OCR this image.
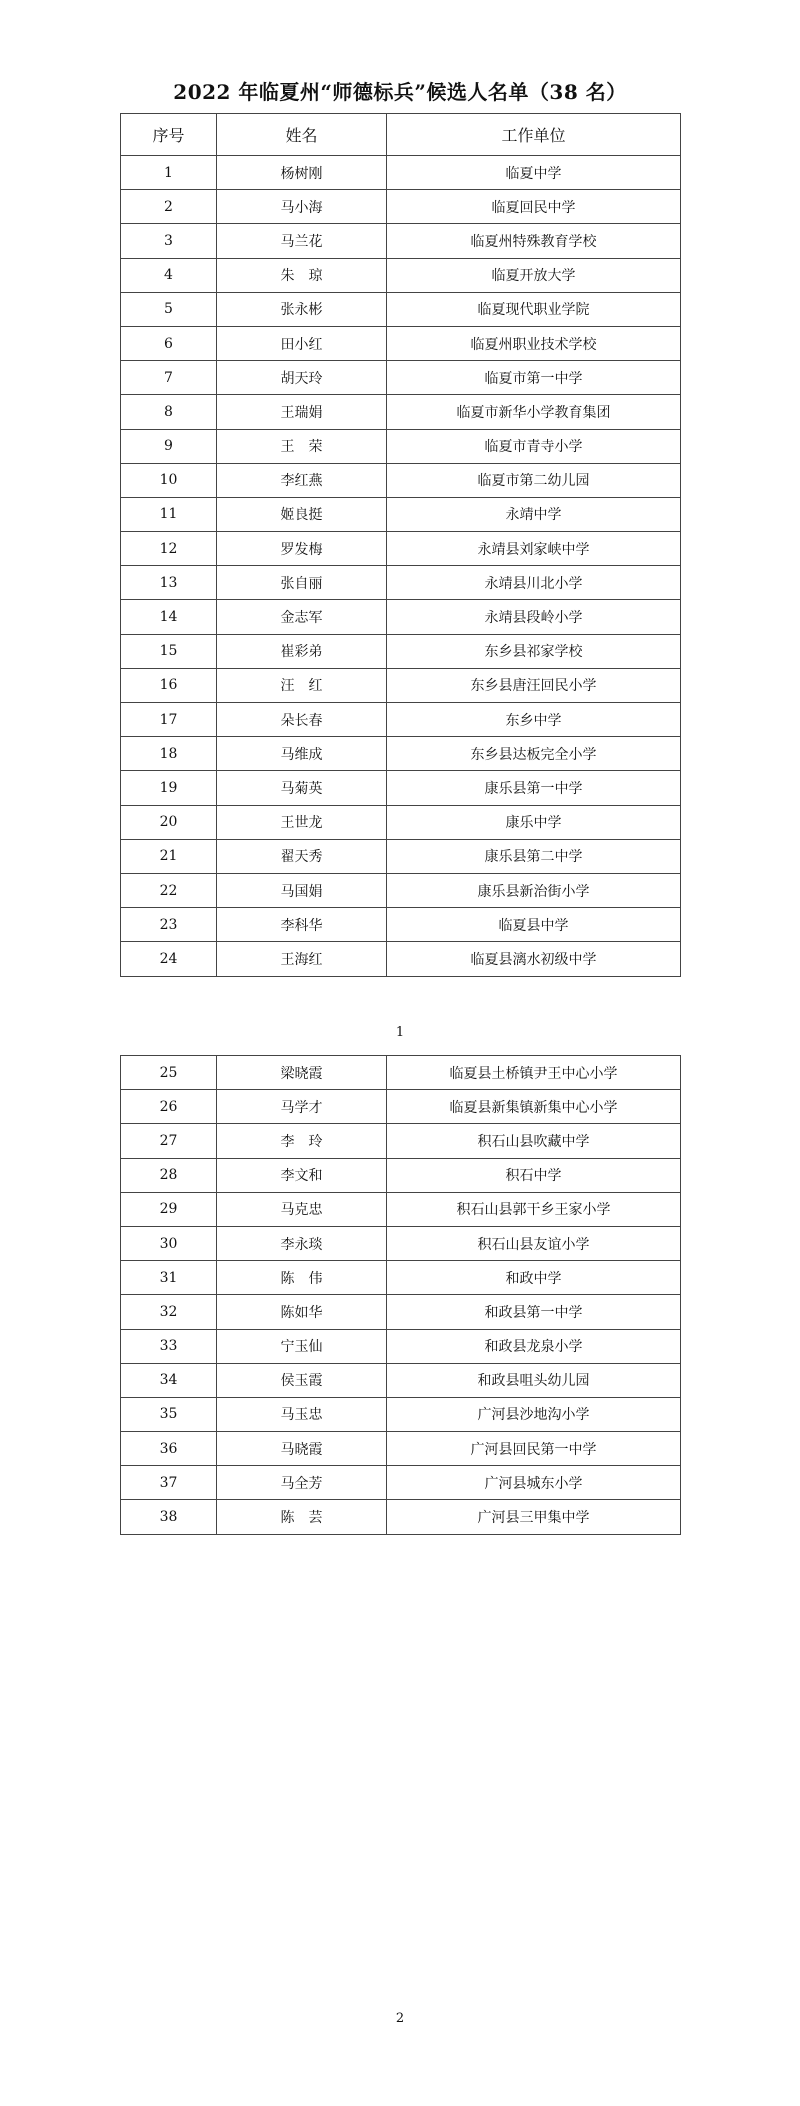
2022 年临夏州“师德标兵”候选人名单（38 名）
序号	姓名	工作单位
1	杨树刚	临夏中学
2	马小海	临夏回民中学
3	马兰花	临夏州特殊教育学校
4	朱　琼	临夏开放大学
5	张永彬	临夏现代职业学院
6	田小红	临夏州职业技术学校
7	胡天玲	临夏市第一中学
8	王瑞娟	临夏市新华小学教育集团
9	王　荣	临夏市青寺小学
10	李红燕	临夏市第二幼儿园
11	姬良挺	永靖中学
12	罗发梅	永靖县刘家峡中学
13	张自丽	永靖县川北小学
14	金志军	永靖县段岭小学
15	崔彩弟	东乡县祁家学校
16	汪　红	东乡县唐汪回民小学
17	朵长春	东乡中学
18	马维成	东乡县达板完全小学
19	马菊英	康乐县第一中学
20	王世龙	康乐中学
21	翟天秀	康乐县第二中学
22	马国娟	康乐县新治街小学
23	李科华	临夏县中学
24	王海红	临夏县漓水初级中学
1
25	梁晓霞	临夏县土桥镇尹王中心小学
26	马学才	临夏县新集镇新集中心小学
27	李　玲	积石山县吹藏中学
28	李文和	积石中学
29	马克忠	积石山县郭干乡王家小学
30	李永琰	积石山县友谊小学
31	陈　伟	和政中学
32	陈如华	和政县第一中学
33	宁玉仙	和政县龙泉小学
34	侯玉霞	和政县咀头幼儿园
35	马玉忠	广河县沙地沟小学
36	马晓霞	广河县回民第一中学
37	马全芳	广河县城东小学
38	陈　芸	广河县三甲集中学
2
